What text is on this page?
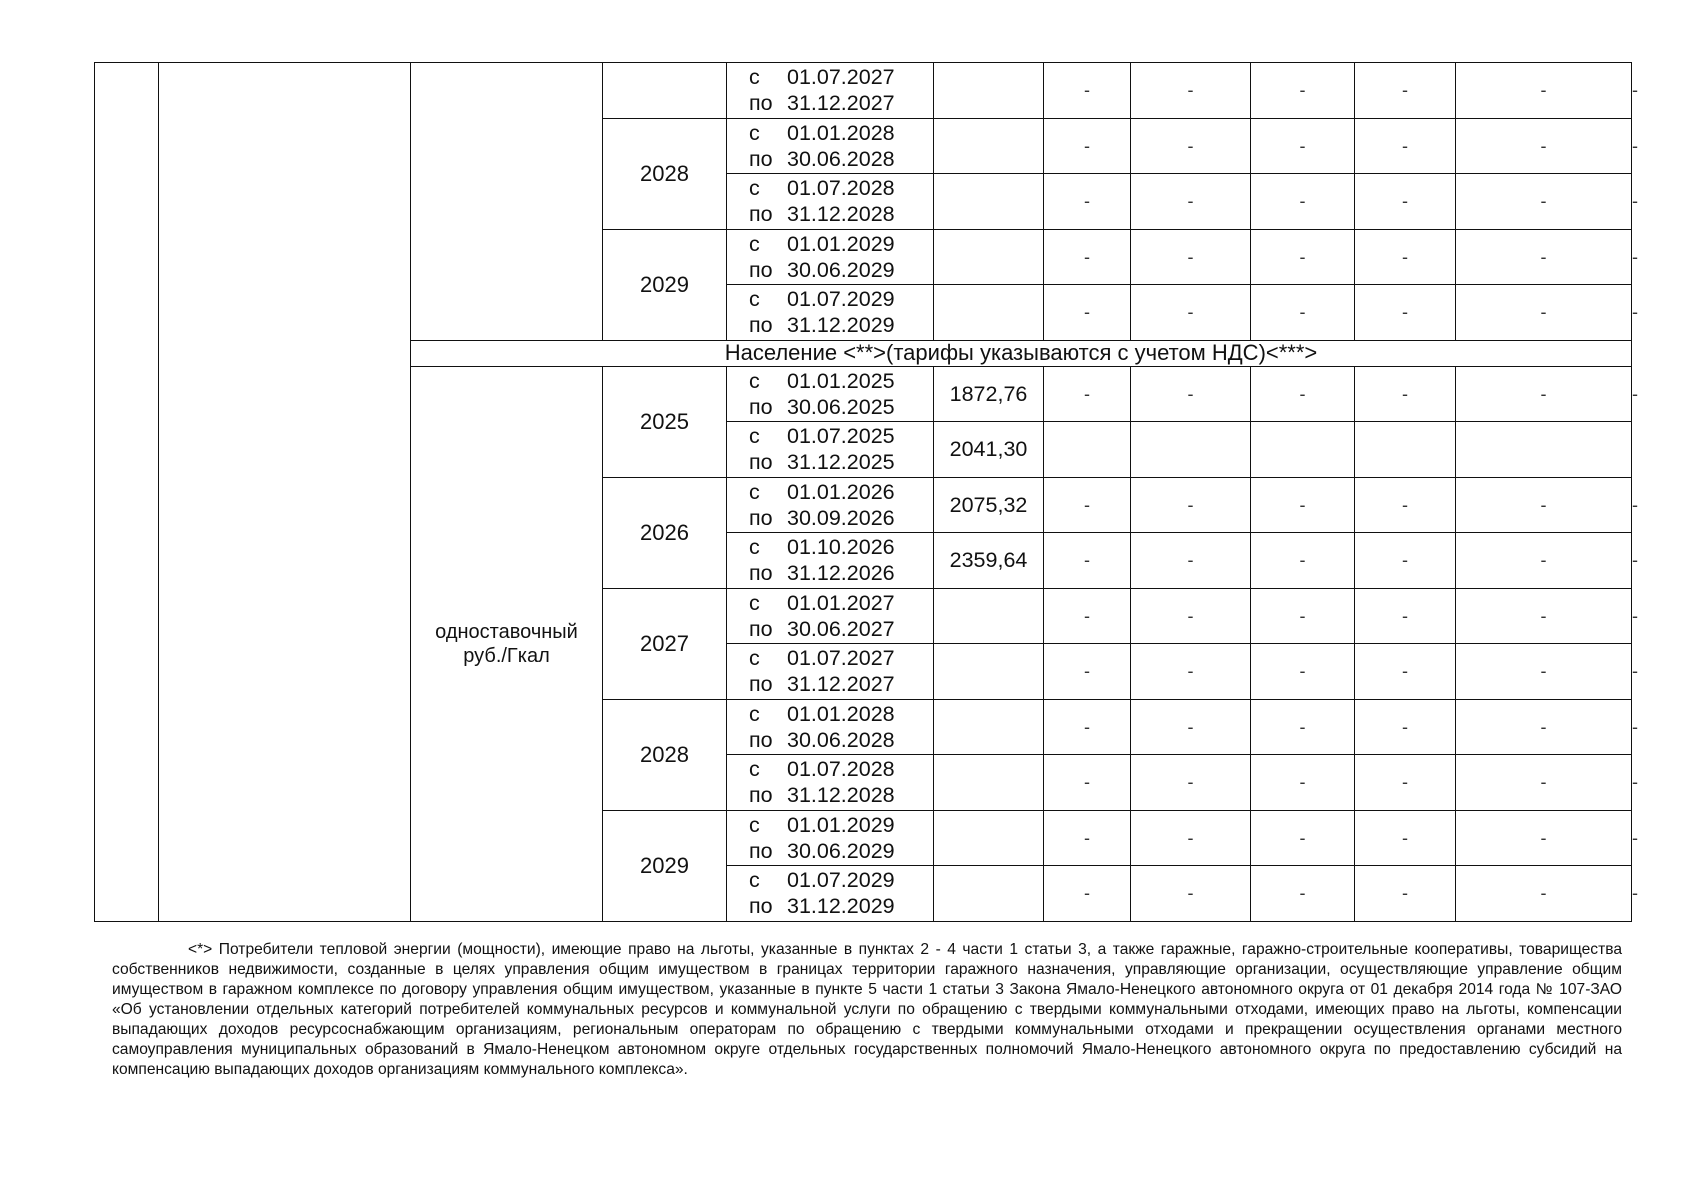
				с 01.07.2027
по 31.12.2027		-	-	-	-	-	-
			2028	с 01.01.2028
по 30.06.2028		-	-	-	-	-	-

				с 01.07.2028
по 31.12.2028		-	-	-	-	-	-
			2029	с 01.01.2029
по 30.06.2029		-	-	-	-	-	-

				с 01.07.2029
по 31.12.2029		-	-	-	-	-	-
		Население <**>(тарифы указываются с учетом НДС)<***>									
		одноставочный руб./Гкал	2025	с 01.01.2025
по 30.06.2025	1872,76	-	-	-	-	-	-

				с 01.07.2025
по 31.12.2025	2041,30						
			2026	с 01.01.2026
по 30.09.2026	2075,32	-	-	-	-	-	-

				с 01.10.2026
по 31.12.2026	2359,64	-	-	-	-	-	-
			2027	с 01.01.2027
по 30.06.2027		-	-	-	-	-	-

				с 01.07.2027
по 31.12.2027		-	-	-	-	-	-
			2028	с 01.01.2028
по 30.06.2028		-	-	-	-	-	-

				с 01.07.2028
по 31.12.2028		-	-	-	-	-	-
			2029	с 01.01.2029
по 30.06.2029		-	-	-	-	-	-

				с 01.07.2029
по 31.12.2029		-	-	-	-	-	-

<*> Потребители тепловой энергии (мощности), имеющие право на льготы, указанные в пунктах 2 - 4 части 1 статьи 3, а также гаражные, гаражно-строительные кооперативы, товарищества собственников недвижимости, созданные в целях управления общим имуществом в границах территории гаражного назначения, управляющие организации, осуществляющие управление общим имуществом в гаражном комплексе по договору управления общим имуществом, указанные в пункте 5 части 1 статьи 3 Закона Ямало-Ненецкого автономного округа от 01 декабря 2014 года № 107-ЗАО «Об установлении отдельных категорий потребителей коммунальных ресурсов и коммунальной услуги по обращению с твердыми коммунальными отходами, имеющих право на льготы, компенсации выпадающих доходов ресурсоснабжающим организациям, региональным операторам по обращению с твердыми коммунальными отходами и прекращении осуществления органами местного самоуправления муниципальных образований в Ямало-Ненецком автономном округе отдельных государственных полномочий Ямало-Ненецкого автономного округа по предоставлению субсидий на компенсацию выпадающих доходов организациям коммунального комплекса».
